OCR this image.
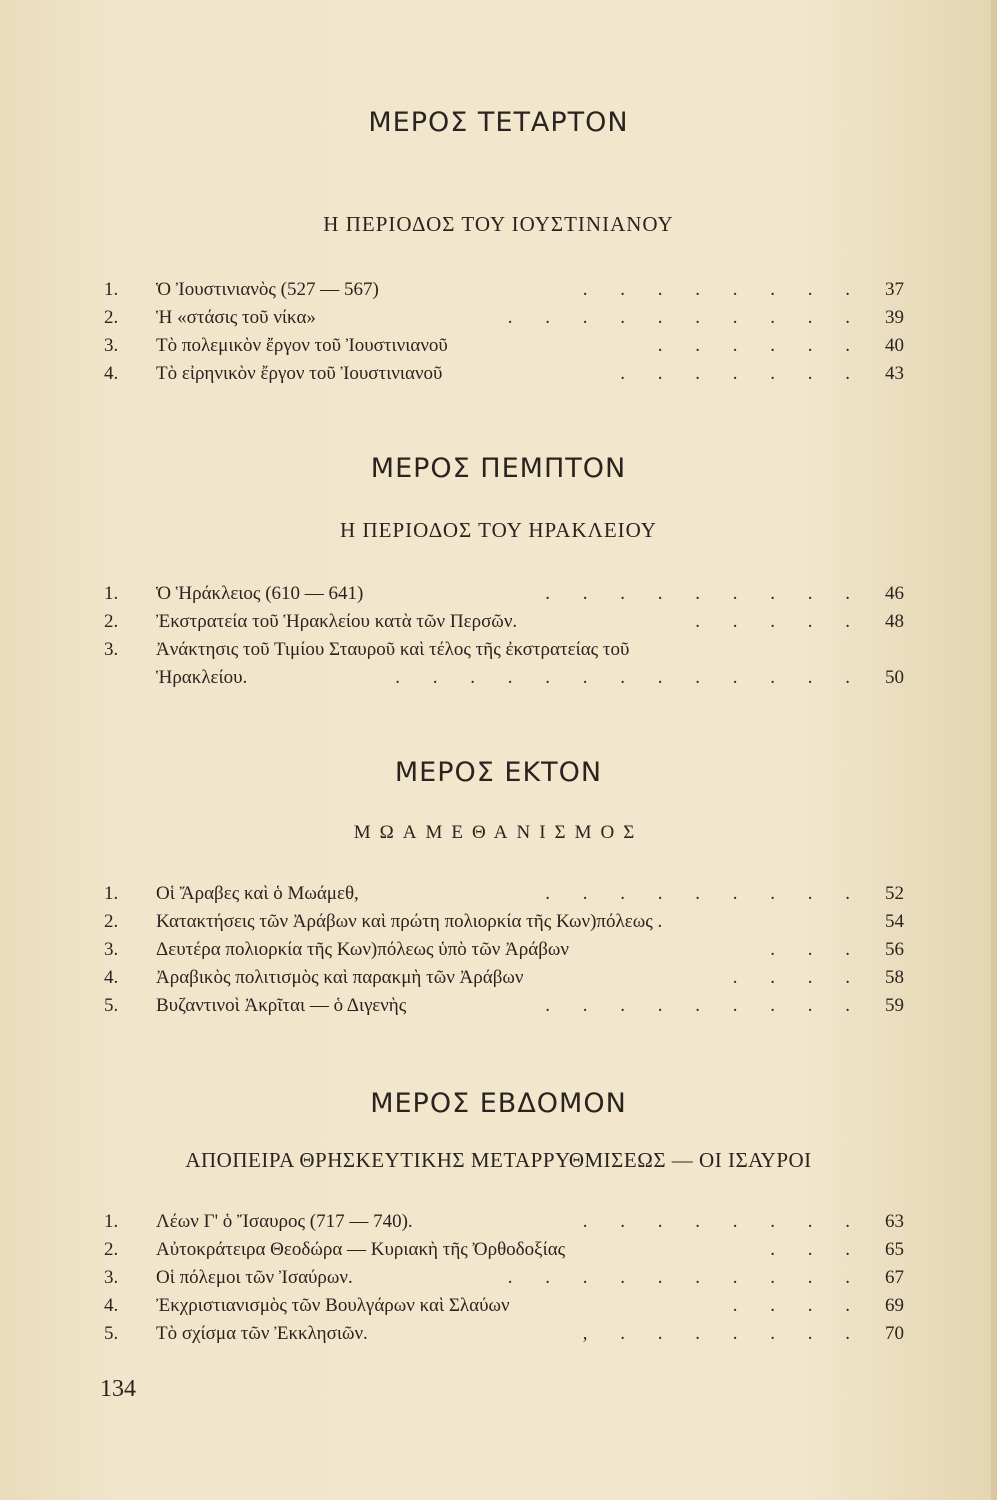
ΜΕΡΟΣ ΤΕΤΑΡΤΟΝ
Η ΠΕΡΙΟΔΟΣ ΤΟΥ ΙΟΥΣΤΙΝΙΑΝΟΥ
1.	Ὁ Ἰουστινιανὸς (527 — 567)	. . . . . . . .	37
2.	Ἡ «στάσις τοῦ νίκα»	. . . . . . . . . .	39
3.	Τὸ πολεμικὸν ἔργον τοῦ Ἰουστινιανοῦ	. . . . . .	40
4.	Τὸ εἰρηνικὸν ἔργον τοῦ Ἰουστινιανοῦ	. . . . . . .	43
ΜΕΡΟΣ ΠΕΜΠΤΟΝ
Η ΠΕΡΙΟΔΟΣ ΤΟΥ ΗΡΑΚΛΕΙΟΥ
1.	Ὁ Ἡράκλειος (610 — 641)	. . . . . . . . .	46
2.	Ἐκστρατεία τοῦ Ἡρακλείου κατὰ τῶν Περσῶν.	. . . . .	48
3.	Ἀνάκτησις τοῦ Τιμίου Σταυροῦ καὶ τέλος τῆς ἐκστρατείας τοῦ
Ἡρακλείου.	. . . . . . . . . . . . .	50
ΜΕΡΟΣ ΕΚΤΟΝ
ΜΩΑΜΕΘΑΝΙΣΜΟΣ
1.	Οἱ Ἄραβες καὶ ὁ Μωάμεθ,	. . . . . . . . .	52
2.	Κατακτήσεις τῶν Ἀράβων καὶ πρώτη πολιορκία τῆς Κων)πόλεως .	54
3.	Δευτέρα πολιορκία τῆς Κων)πόλεως ὑπὸ τῶν Ἀράβων	. . .	56
4.	Ἀραβικὸς πολιτισμὸς καὶ παρακμὴ τῶν Ἀράβων	. . . .	58
5.	Βυζαντινοὶ Ἀκρῖται — ὁ Διγενὴς	. . . . . . . . .	59
ΜΕΡΟΣ ΕΒΔΟΜΟΝ
ΑΠΟΠΕΙΡΑ ΘΡΗΣΚΕΥΤΙΚΗΣ ΜΕΤΑΡΡΥΘΜΙΣΕΩΣ — ΟΙ ΙΣΑΥΡΟΙ
1.	Λέων Γ' ὁ Ἴσαυρος (717 — 740).	. . . . . . . .	63
2.	Αὐτοκράτειρα Θεοδώρα — Κυριακὴ τῆς Ὀρθοδοξίας	. . .	65
3.	Οἱ πόλεμοι τῶν Ἰσαύρων.	. . . . . . . . . .	67
4.	Ἐκχριστιανισμὸς τῶν Βουλγάρων καὶ Σλαύων	. . . .	69
5.	Τὸ σχίσμα τῶν Ἐκκλησιῶν.	, . . . . . . .	70
134
